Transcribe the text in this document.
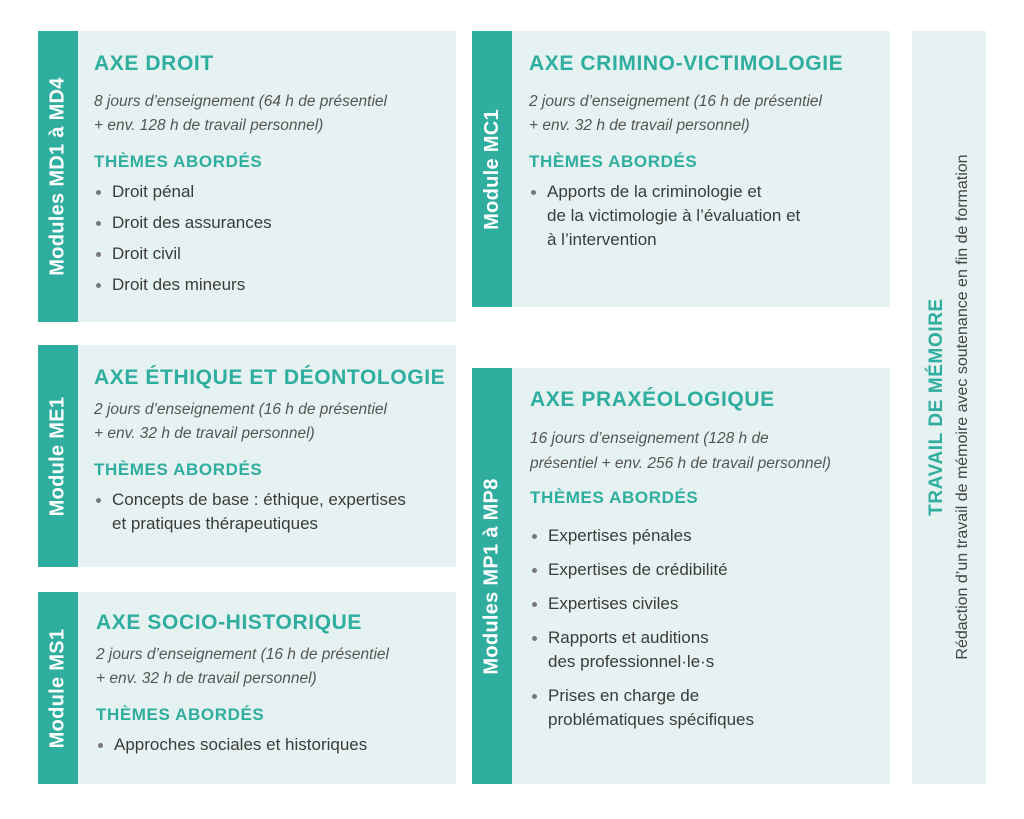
Modules MD1 à MD4
AXE DROIT
8 jours d’enseignement (64 h de présentiel
+ env. 128 h de travail personnel)
THÈMES ABORDÉS
Droit pénal
Droit des assurances
Droit civil
Droit des mineurs
Module MC1
AXE CRIMINO-VICTIMOLOGIE
2 jours d’enseignement (16 h de présentiel
+ env. 32 h de travail personnel)
THÈMES ABORDÉS
Apports de la criminologie et
de la victimologie à l’évaluation et
à l’intervention
Module ME1
AXE ÉTHIQUE ET DÉONTOLOGIE
2 jours d’enseignement (16 h de présentiel
+ env. 32 h de travail personnel)
THÈMES ABORDÉS
Concepts de base : éthique, expertises
et pratiques thérapeutiques
Module MS1
AXE SOCIO-HISTORIQUE
2 jours d’enseignement (16 h de présentiel
+ env. 32 h de travail personnel)
THÈMES ABORDÉS
Approches sociales et historiques
Modules MP1 à MP8
AXE PRAXÉOLOGIQUE
16 jours d’enseignement (128 h de
présentiel + env. 256 h de travail personnel)
THÈMES ABORDÉS
Expertises pénales
Expertises de crédibilité
Expertises civiles
Rapports et auditions
des professionnel·le·s
Prises en charge de
problématiques spécifiques
TRAVAIL DE MÉMOIRE Rédaction d’un travail de mémoire avec soutenance en fin de formation
